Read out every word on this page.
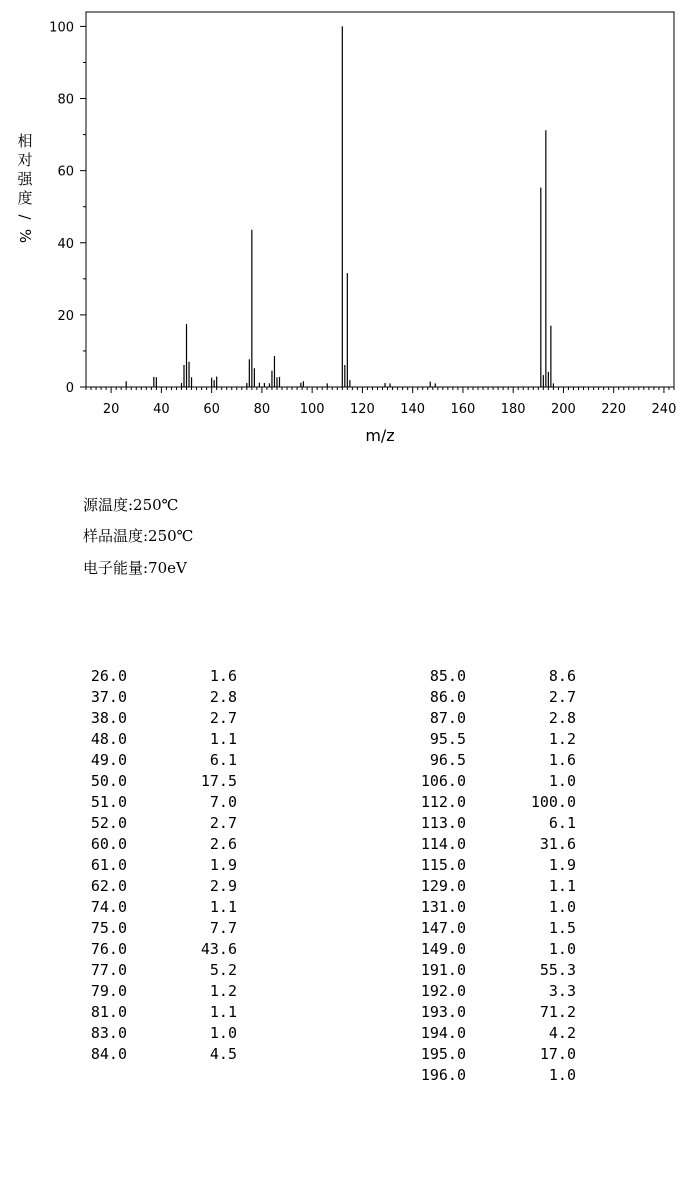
20	40	60	80 100 120 140 160 180 200 220 240
0
20
40
60
80
100
m/z
相
对
强
度
/
%
源温度:250℃
样品温度:250℃
电子能量:70eV
26.0	1.6
37.0	2.8
38.0	2.7
48.0	1.1
49.0	6.1
50.0	17.5
51.0	7.0
52.0	2.7
60.0	2.6
61.0	1.9
62.0	2.9
74.0	1.1
75.0	7.7
76.0	43.6
77.0	5.2
79.0	1.2
81.0	1.1
83.0	1.0
84.0	4.5
85.0	8.6
86.0	2.7
87.0	2.8
95.5	1.2
96.5	1.6
106.0	1.0
112.0	100.0
113.0	6.1
114.0	31.6
115.0	1.9
129.0	1.1
131.0	1.0
147.0	1.5
149.0	1.0
191.0	55.3
192.0	3.3
193.0	71.2
194.0	4.2
195.0	17.0
196.0	1.0
